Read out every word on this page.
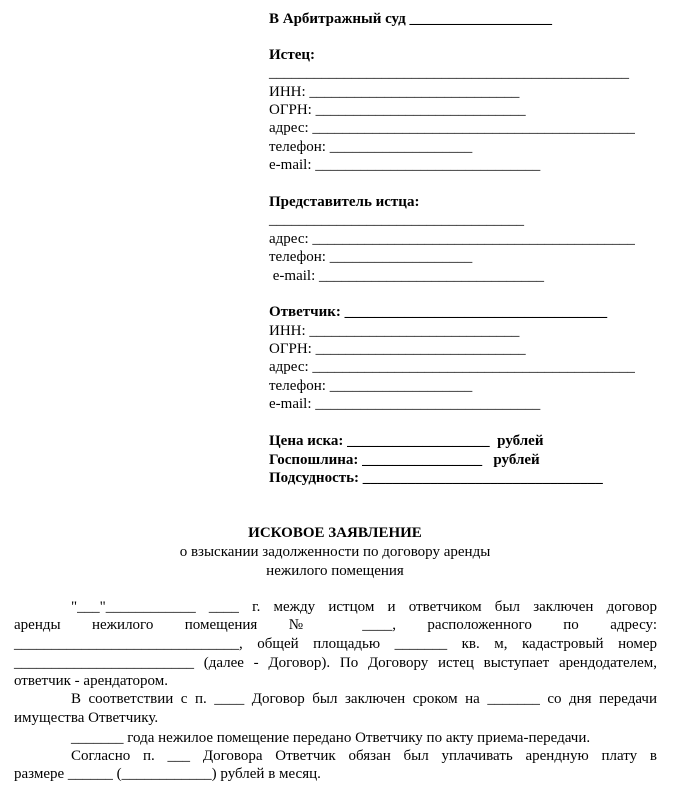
В Арбитражный суд ___________________
Истец:
________________________________________________
ИНН: ____________________________
ОГРН: ____________________________
адрес: ___________________________________________
телефон: ___________________
e-mail: ______________________________
Представитель истца:
__________________________________
адрес: ___________________________________________
телефон: ___________________
e-mail: ______________________________
Ответчик: ___________________________________
ИНН: ____________________________
ОГРН: ____________________________
адрес: ___________________________________________
телефон: ___________________
e-mail: ______________________________
Цена иска: ___________________  рублей
Госпошлина: ________________   рублей
Подсудность: ________________________________
ИСКОВОЕ ЗАЯВЛЕНИЕ
о взыскании задолженности по договору аренды
нежилого помещения
"___"____________ ____ г. между истцом и ответчиком был заключен договор
аренды нежилого помещения № ____, расположенного по адресу:
______________________________, общей площадью _______ кв. м, кадастровый номер
________________________ (далее - Договор). По Договору истец выступает арендодателем,
ответчик - арендатором.
В соответствии с п. ____ Договор был заключен сроком на _______ со дня передачи
имущества Ответчику.
_______ года нежилое помещение передано Ответчику по акту приема-передачи.
Согласно п. ___ Договора Ответчик обязан был уплачивать арендную плату в
размере ______ (____________) рублей в месяц.
